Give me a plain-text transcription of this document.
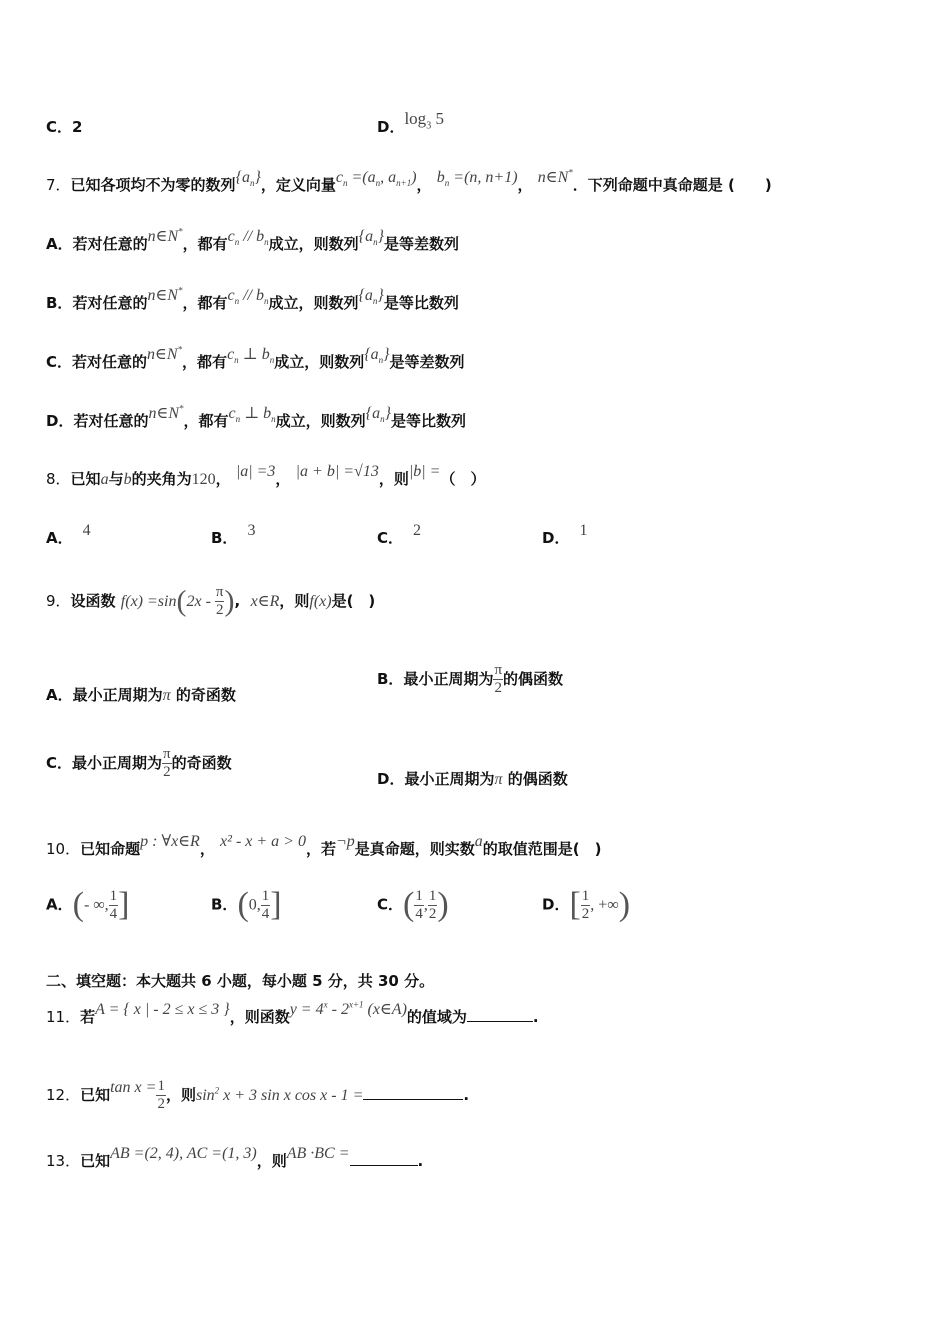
C．2	D．$\log_3 5$
7．已知各项均不为零的数列$\{a_n\}$，定义向量$c_n =(a_n$, $a_{n+1}$)， $b_n =(n$, n+1)， n∈N*．下列命题中真命题是 (　　)
A．若对任意的n∈N*，都有$c_n // b_n$成立，则数列$\{a_n\}$是等差数列
B．若对任意的n∈N*，都有$c_n // b_n$成立，则数列$\{a_n\}$是等比数列
C．若对任意的n∈N*，都有$c_n$ ⊥ $b_n$成立，则数列$\{a_n\}$是等差数列
D．若对任意的n∈N*，都有$c_n$ ⊥ $b_n$成立，则数列$\{a_n\}$是等比数列
8．已知a与b的夹角为120， |a| =3， |a + b| =√13，则|b| =（　）
A． 4	B． 3	C． 2	D． 1
9．设函数 $f(x) =\sin(2x - \frac{\pi}{2}$ ),  x∈R，则f(x)是(　)
A．最小正周期为π 的奇函数
B．最小正周期为 $\frac{\pi}{2}$ 的偶函数
C．最小正周期为 $\frac{\pi}{2}$ 的奇函数
D．最小正周期为π 的偶函数
10．已知命题p : ∀x∈R， x² - x + a > 0，若¬p是真命题，则实数a的取值范围是(　)
A．(- ∞, $\frac{1}{4}$ ]	B．(0, $\frac{1}{4}$ ]	C．( $\frac{1}{4}$ , $\frac{1}{2}$ )	D．[ $\frac{1}{2}$ , +∞)
二、填空题：本大题共 6 小题，每小题 5 分，共 30 分。
11．若A = { x | - 2 ≤ x ≤ 3 }，则函数$y = 4^x - 2^{x+1}$ (x∈A)的值域为	.
12．已知$\tan x = \frac{1}{2}$ ，则$\sin^2 x + 3$ sin x cos x - 1 =	.
13．已知AB =(2, 4), AC =(1, 3)，则AB ·BC =	.
